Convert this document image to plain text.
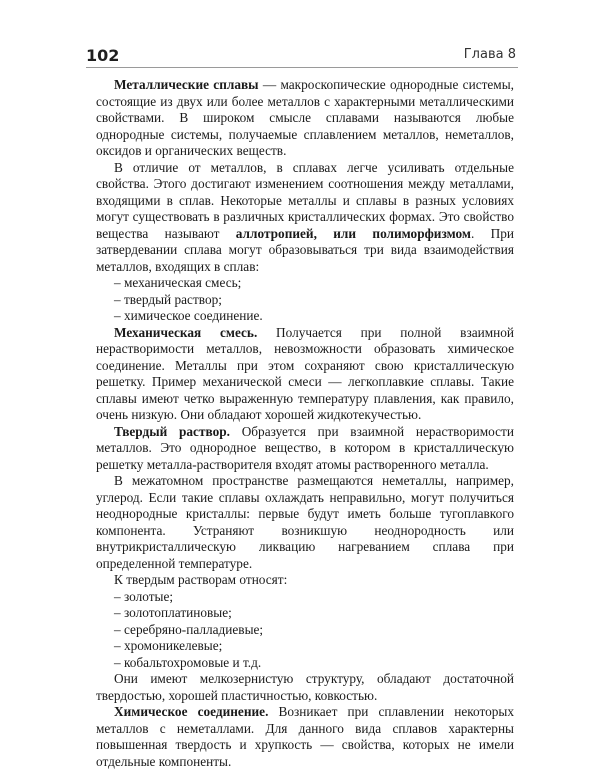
102	Глава 8

Металлические сплавы — макроскопические однородные системы, состоящие из двух или более металлов с характерными металлическими свойствами. В широком смысле сплавами называются любые однородные системы, получаемые сплавлением металлов, неметаллов, оксидов и органических веществ.

В отличие от металлов, в сплавах легче усиливать отдельные свойства. Этого достигают изменением соотношения между металлами, входящими в сплав. Некоторые металлы и сплавы в разных условиях могут существовать в различных кристаллических формах. Это свойство вещества называют аллотропией, или полиморфизмом. При затвердевании сплава могут образовываться три вида взаимодействия металлов, входящих в сплав:

– механическая смесь;

– твердый раствор;

– химическое соединение.

Механическая смесь. Получается при полной взаимной нерастворимости металлов, невозможности образовать химическое соединение. Металлы при этом сохраняют свою кристаллическую решетку. Пример механической смеси — легкоплавкие сплавы. Такие сплавы имеют четко выраженную температуру плавления, как правило, очень низкую. Они обладают хорошей жидкотекучестью.

Твердый раствор. Образуется при взаимной нерастворимости металлов. Это однородное вещество, в котором в кристаллическую решетку металла-растворителя входят атомы растворенного металла.

В межатомном пространстве размещаются неметаллы, например, углерод. Если такие сплавы охлаждать неправильно, могут получиться неоднородные кристаллы: первые будут иметь больше тугоплавкого компонента. Устраняют возникшую неоднородность или внутрикристаллическую ликвацию нагреванием сплава при определенной температуре.

К твердым растворам относят:

– золотые;

– золотоплатиновые;

– серебряно-палладиевые;

– хромоникелевые;

– кобальтохромовые и т.д.

Они имеют мелкозернистую структуру, обладают достаточной твердостью, хорошей пластичностью, ковкостью.

Химическое соединение. Возникает при сплавлении некоторых металлов с неметаллами. Для данного вида сплавов характерны повышенная твердость и хрупкость — свойства, которых не имели отдельные компоненты.
